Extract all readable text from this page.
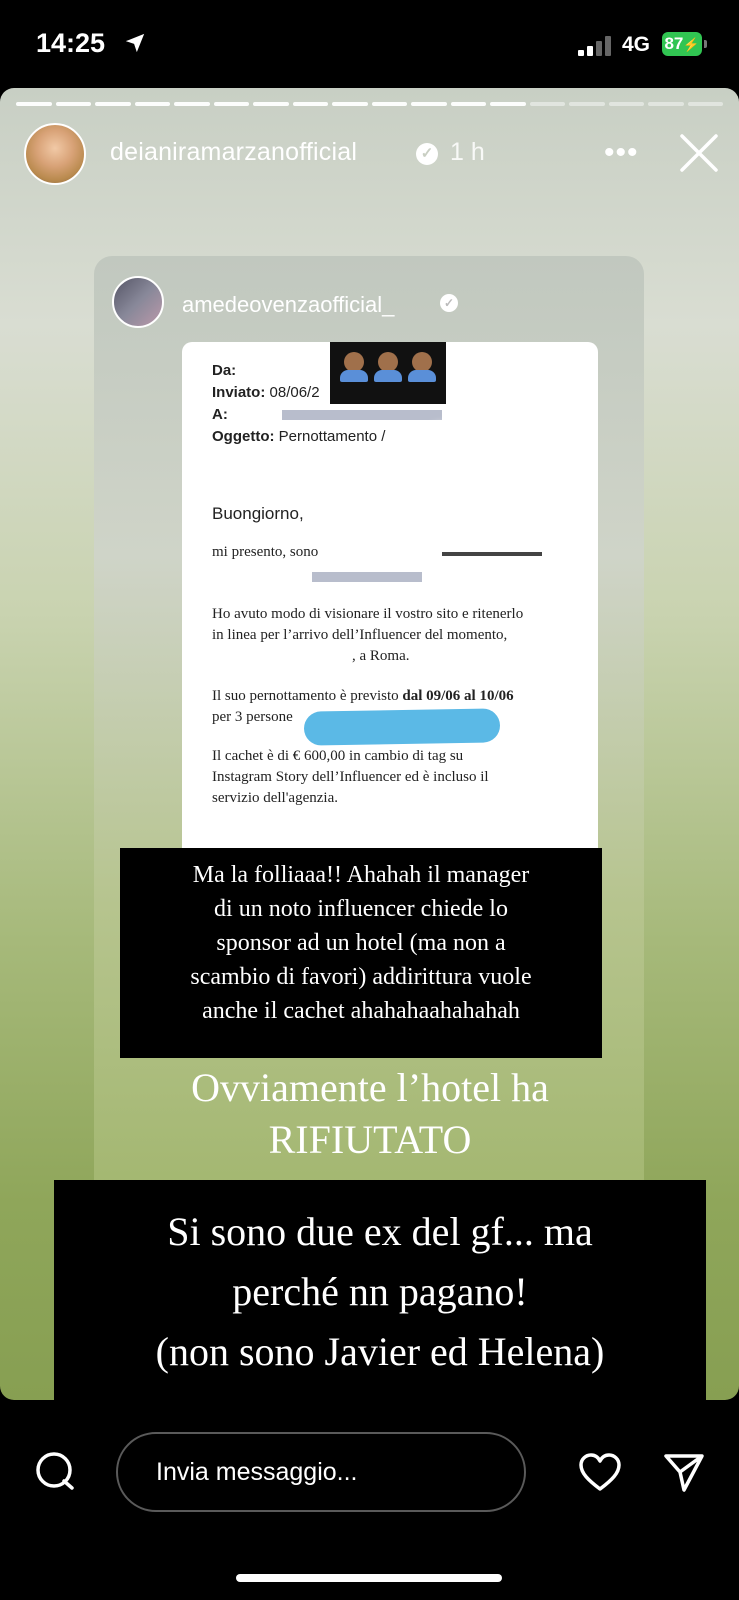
14:25	4G 87⚡
deianiramarzanofficial	✓ 1 h	•••
amedeovenzaofficial_	✓
Da:
Inviato: 08/06/2
A:
Oggetto: Pernottamento /
Buongiorno,
mi presento, sono
Ho avuto modo di visionare il vostro sito e ritenerlo
in linea per l’arrivo dell’Influencer del momento,
, a Roma.
Il suo pernottamento è previsto dal 09/06 al 10/06
per 3 persone
Il cachet è di € 600,00 in cambio di tag su
Instagram Story dell’Influencer ed è incluso il
servizio dell'agenzia.
Ma la folliaaa!! Ahahah il manager
di un noto influencer chiede lo
sponsor ad un hotel (ma non a
scambio di favori) addirittura vuole
anche il cachet ahahahaahahahah
Ovviamente l’hotel ha
RIFIUTATO
Si sono due ex del gf... ma
perché nn pagano!
(non sono Javier ed Helena)
Invia messaggio...
